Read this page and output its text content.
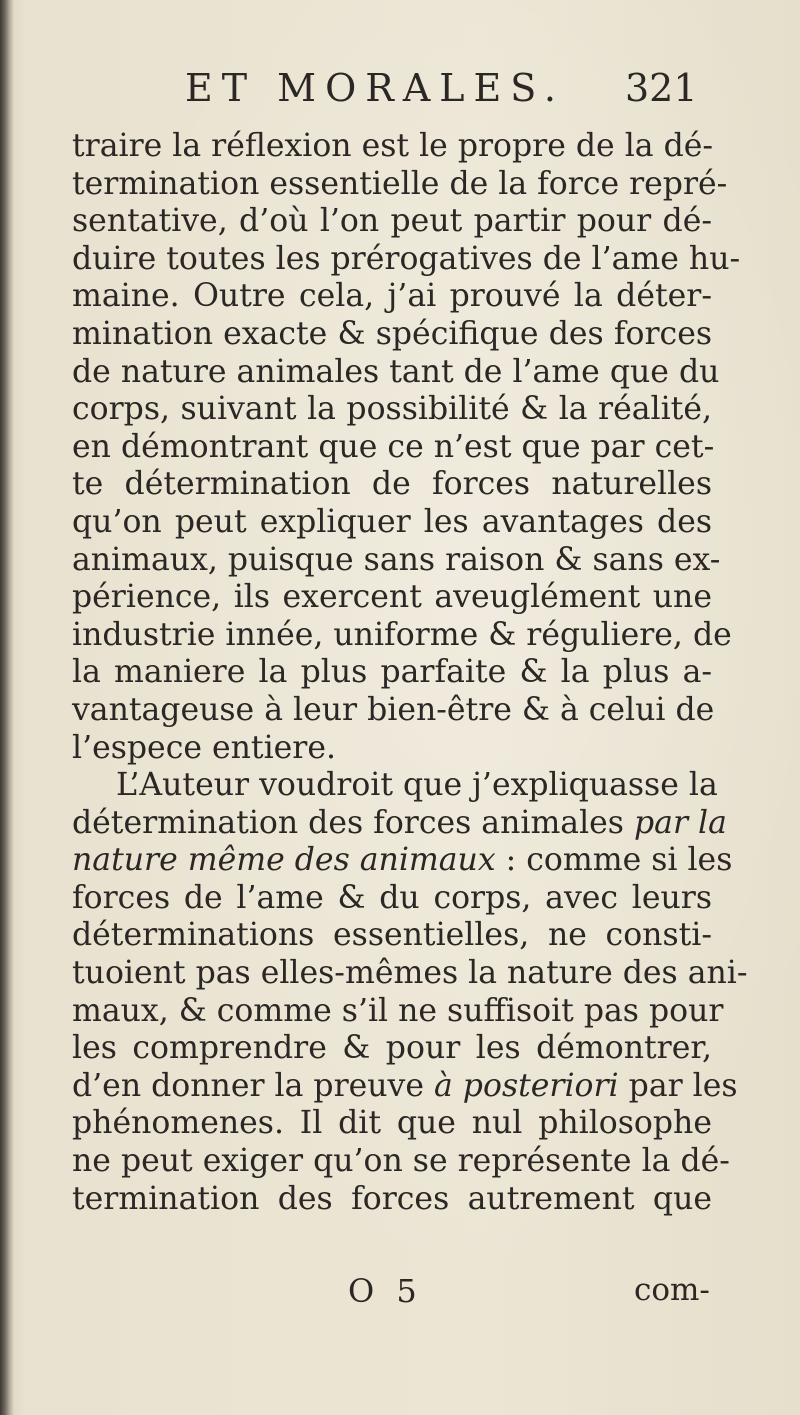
ET MORALES. 321
traire la réflexion est le propre de la dé-
termination essentielle de la force repré-
sentative, d’où l’on peut partir pour dé-
duire toutes les prérogatives de l’ame hu-
maine. Outre cela, j’ai prouvé la déter-
mination exacte & spécifique des forces
de nature animales tant de l’ame que du
corps, suivant la possibilité & la réalité,
en démontrant que ce n’est que par cet-
te détermination de forces naturelles
qu’on peut expliquer les avantages des
animaux, puisque sans raison & sans ex-
périence, ils exercent aveuglément une
industrie innée, uniforme & réguliere, de
la maniere la plus parfaite & la plus a-
vantageuse à leur bien-être & à celui de
l’espece entiere.
L’Auteur voudroit que j’expliquasse la
détermination des forces animales par la
nature même des animaux : comme si les
forces de l’ame & du corps, avec leurs
déterminations essentielles, ne consti-
tuoient pas elles-mêmes la nature des ani-
maux, & comme s’il ne suffisoit pas pour
les comprendre & pour les démontrer,
d’en donner la preuve à posteriori par les
phénomenes. Il dit que nul philosophe
ne peut exiger qu’on se représente la dé-
termination des forces autrement que
O 5	com-
